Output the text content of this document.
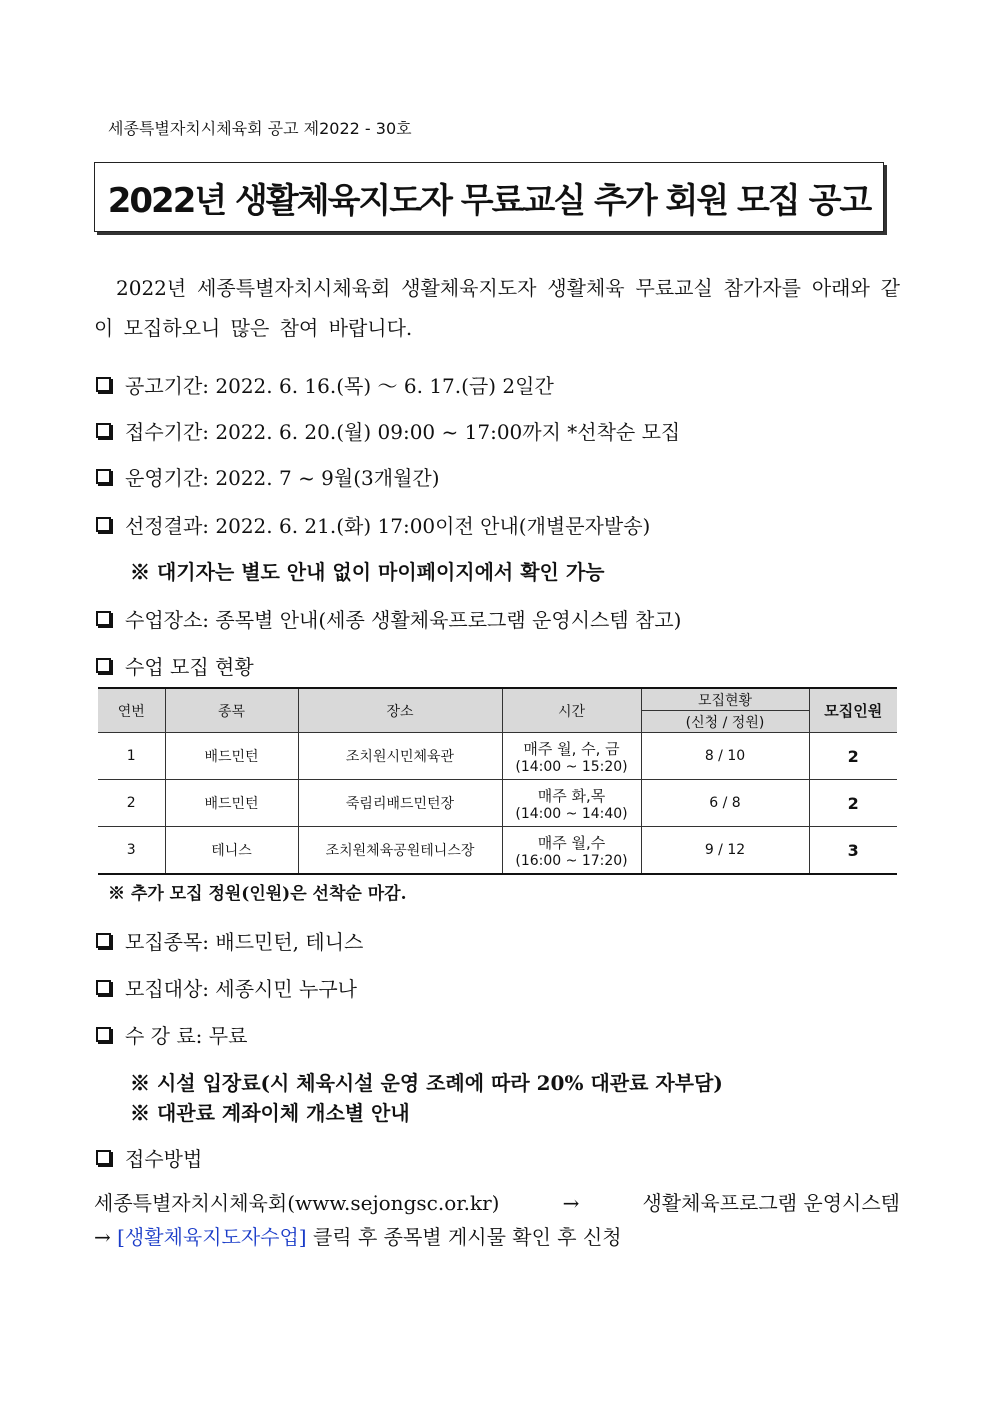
세종특별자치시체육회 공고 제2022 - 30호
2022년 생활체육지도자 무료교실 추가 회원 모집 공고
2022년 세종특별자치시체육회 생활체육지도자 생활체육 무료교실 참가자를 아래와 같이 모집하오니 많은 참여 바랍니다.
공고기간: 2022. 6. 16.(목) ～ 6. 17.(금) 2일간
접수기간: 2022. 6. 20.(월) 09:00 ~ 17:00까지 *선착순 모집
운영기간: 2022. 7 ~ 9월(3개월간)
선정결과: 2022. 6. 21.(화) 17:00이전 안내(개별문자발송)
※ 대기자는 별도 안내 없이 마이페이지에서 확인 가능
수업장소: 종목별 안내(세종 생활체육프로그램 운영시스템 참고)
수업 모집 현황
연번	종목	장소	시간	모집현황	모집인원
				(신청 / 정원)	
1	배드민턴	조치원시민체육관	매주 월, 수, 금
(14:00 ~ 15:20)	8 / 10	2
2	배드민턴	죽림리배드민턴장	매주 화,목
(14:00 ~ 14:40)	6 / 8	2
3	테니스	조치원체육공원테니스장	매주 월,수
(16:00 ~ 17:20)	9 / 12	3
※ 추가 모집 정원(인원)은 선착순 마감.
모집종목: 배드민턴, 테니스
모집대상: 세종시민 누구나
수 강 료: 무료
※ 시설 입장료(시 체육시설 운영 조례에 따라 20% 대관료 자부담)
※ 대관료 계좌이체 개소별 안내
접수방법
세종특별자치시체육회(www.sejongsc.or.kr)	→	생활체육프로그램 운영시스템
→ [생활체육지도자수업] 클릭 후 종목별 게시물 확인 후 신청
